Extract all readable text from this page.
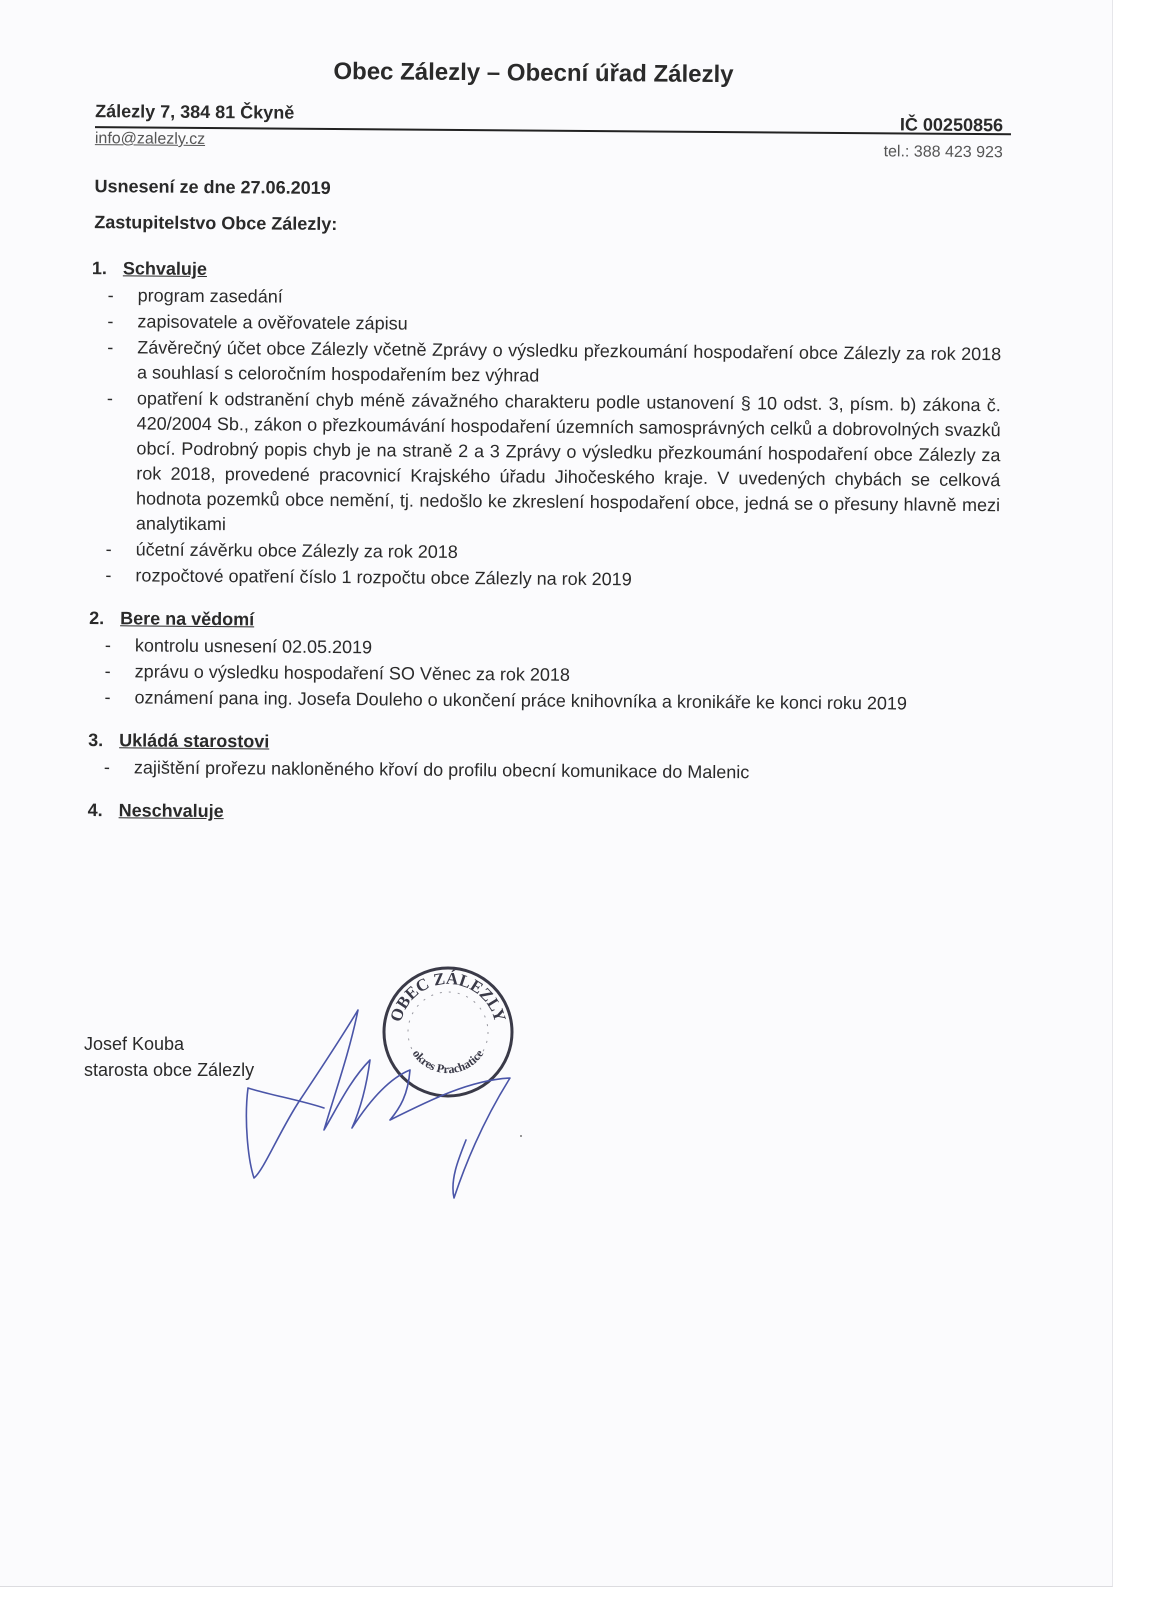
Obec Zálezly – Obecní úřad Zálezly
Zálezly 7, 384 81 Čkyně
IČ 00250856
info@zalezly.cz
tel.: 388 423 923
Usnesení ze dne 27.06.2019
Zastupitelstvo Obce Zálezly:
1. Schvaluje
- program zasedání
- zapisovatele a ověřovatele zápisu
- Závěrečný účet obce Zálezly včetně Zprávy o výsledku přezkoumání hospodaření obce Zálezly za rok 2018 a souhlasí s celoročním hospodařením bez výhrad
- opatření k odstranění chyb méně závažného charakteru podle ustanovení § 10 odst. 3, písm. b) zákona č. 420/2004 Sb., zákon o přezkoumávání hospodaření územních samosprávných celků a dobrovolných svazků obcí. Podrobný popis chyb je na straně 2 a 3 Zprávy o výsledku přezkoumání hospodaření obce Zálezly za rok 2018, provedené pracovnicí Krajského úřadu Jihočeského kraje. V uvedených chybách se celková hodnota pozemků obce nemění, tj. nedošlo ke zkreslení hospodaření obce, jedná se o přesuny hlavně mezi analytikami
- účetní závěrku obce Zálezly za rok 2018
- rozpočtové opatření číslo 1 rozpočtu obce Zálezly na rok 2019
2. Bere na vědomí
- kontrolu usnesení 02.05.2019
- zprávu o výsledku hospodaření SO Věnec za rok 2018
- oznámení pana ing. Josefa Douleho o ukončení práce knihovníka a kronikáře ke konci roku 2019
3. Ukládá starostovi
- zajištění prořezu nakloněného křoví do profilu obecní komunikace do Malenic
4. Neschvaluje
Josef Kouba
starosta obce Zálezly
OBEC ZÁLEZLY
okres Prachatice
